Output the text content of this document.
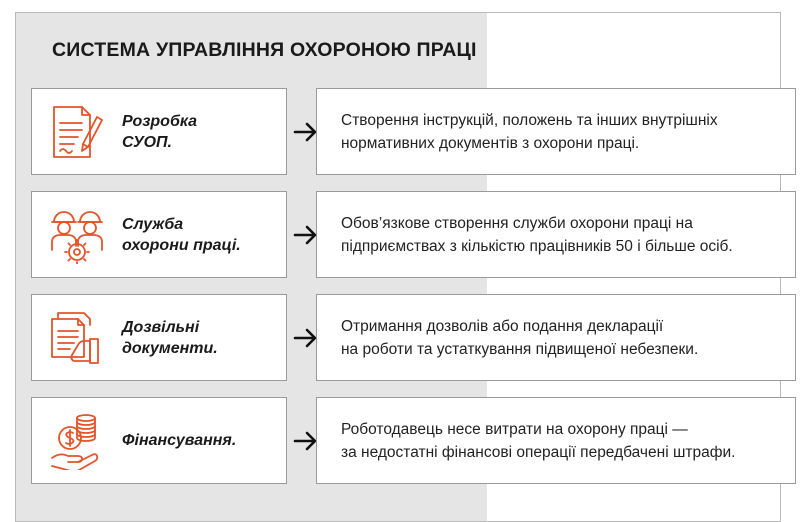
СИСТЕМА УПРАВЛІННЯ ОХОРОНОЮ ПРАЦІ
Розробка
СУОП.
Створення інструкцій, положень та інших внутрішніх
нормативних документів з охорони праці.
Служба
охорони праці.
Обов’язкове створення служби охорони праці на
підприємствах з кількістю працівників 50 і більше осіб.
Дозвільні
документи.
Отримання дозволів або подання декларації
на роботи та устаткування підвищеної небезпеки.
Фінансування.
Роботодавець несе витрати на охорону праці —
за недостатні фінансові операції передбачені штрафи.
